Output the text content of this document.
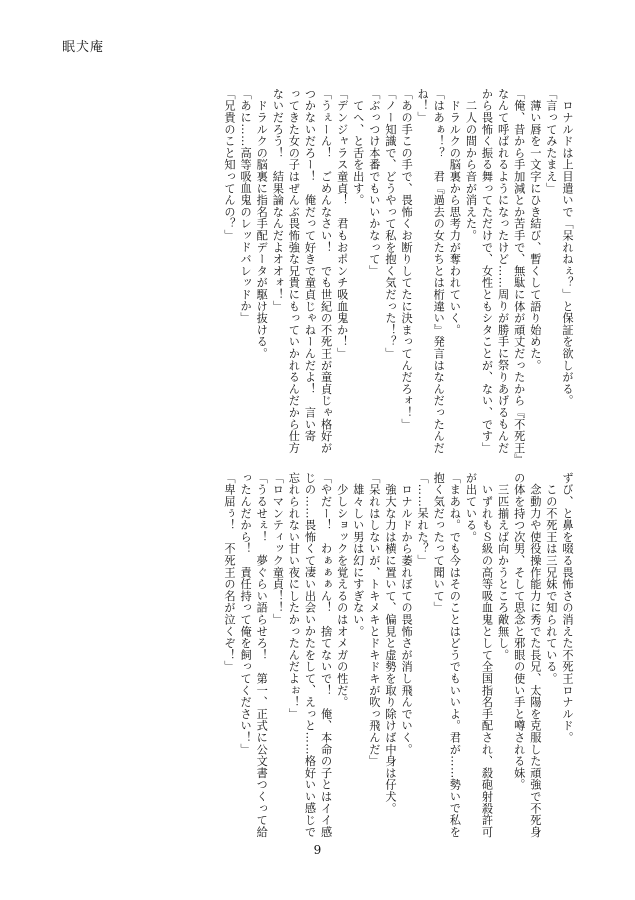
眠犬庵
　ロナルドは上目遣いで「呆れねぇ？」と保証を欲しがる。
「言ってみたまえ」
　薄い唇を一文字にひき結び、暫くして語り始めた。
「俺、昔から手加減とか苦手で、無駄に体が頑丈だったから『不死王』
なんて呼ばれるようになったけど……周りが勝手に祭りあげるもんだ
から畏怖く振る舞ってただけで、女性ともシタことが、ない、です」
　二人の間から音が消えた。
　ドラルクの脳裏から思考力が奪われていく。
「はあぁ！？　君『過去の女たちとは桁違い』発言はなんだったんだ
ね！」
「あの手この手で、畏怖くお断りしてたに決まってんだろォ！」
「ノー知識で、どうやって私を抱く気だった！？」
「ぶっつけ本番でもいいかなって」
　てへ、と舌を出す。
「デンジャラス童貞！　君もおポンチ吸血鬼か！」
「うぇーん！　ごめんなさい！　でも世紀の不死王が童貞じゃ格好が
つかないだろー！　俺だって好きで童貞じゃねーんだよ！　言い寄
ってきた女の子はぜんぶ畏怖強な兄貴にもっていかれるんだから仕方
ないだろう！　結果論なんだよオオォ！」
　ドラルクの脳裏に指名手配データが駆け抜ける。
「あに……高等吸血鬼のレッドバレッドか」
「兄貴のこと知ってんの？」
ずび、と鼻を啜る畏怖さの消えた不死王ロナルド。
　この不死王は三兄妹で知られている。
　念動力や使役操作能力に秀でた長兄、太陽を克服した頑強で不死身
の体を持つ次男、そして思念と邪眼の使い手と噂される妹。
　三匹揃えば向かうところ敵無し。
　いずれもＳ級の高等吸血鬼として全国指名手配され、殺砲射殺許可
が出ている。
「まあね。でも今はそのことはどうでもいいよ。君が……勢いで私を
抱く気だったって聞いて」
「……呆れた？」
　ロナルドから萎れぼての畏怖さが消し飛んでいく。
　強大な力は横に置いて、偏見と虚勢を取り除けば中身は仔犬。
「呆れはしないが、トキメキとドキドキが吹っ飛んだ」
　雄々しい男は幻にすぎない。
　少しショックを覚えるのはオメガの性だ。
「やだー！　わぁぁぁん！　捨てないで！　俺、本命の子とはイイ感
じの……畏怖くて凄い出会いかたをして、えっと……格好いい感じで
忘れられない甘い夜にしたかったんだよぉ！」
「ロマンティック童貞！！」
「うるせぇ！　夢ぐらい語らせろ！　第一、正式に公文書つくって給
ったんだから！　責任持って俺を飼ってください！」
「卑屈ぅ！　不死王の名が泣くぞ！」
9
